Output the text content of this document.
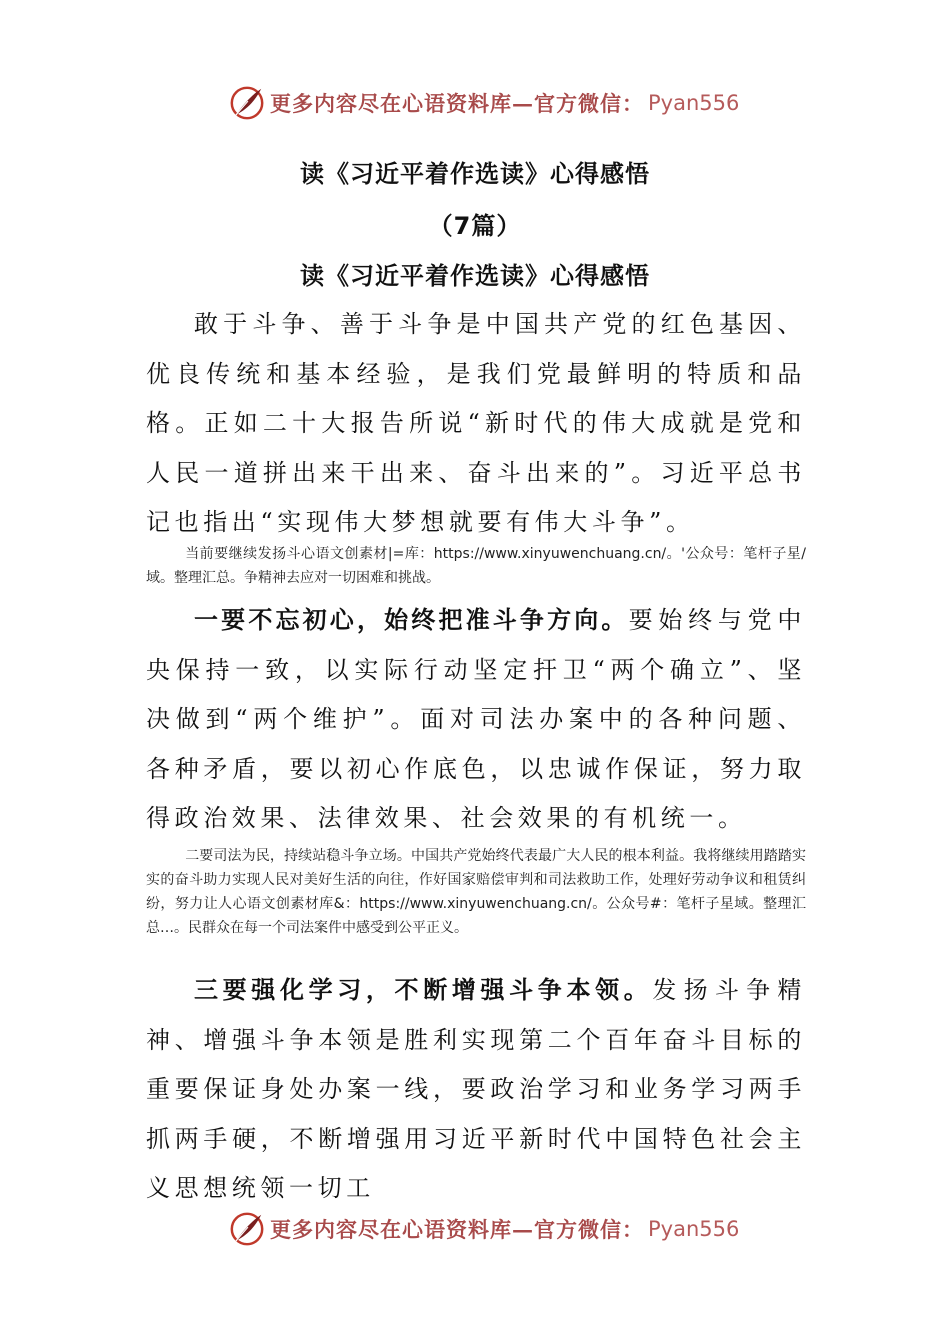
更多内容尽在心语资料库—官方微信： Pyan556
读《习近平着作选读》心得感悟
（7篇）
读《习近平着作选读》心得感悟

敢于斗争、善于斗争是中国共产党的红色基因、优良传统和基本经验，是我们党最鲜明的特质和品格。正如二十大报告所说“新时代的伟大成就是党和人民一道拼出来干出来、奋斗出来的”。习近平总书记也指出“实现伟大梦想就要有伟大斗争”。

当前要继续发扬斗心语文创素材|=库：https://www.xinyuwenchuang.cn/。'公众号：笔杆子星/域。整理汇总。争精神去应对一切困难和挑战。

一要不忘初心，始终把准斗争方向。要始终与党中央保持一致，以实际行动坚定扞卫“两个确立”、坚决做到“两个维护”。面对司法办案中的各种问题、各种矛盾，要以初心作底色，以忠诚作保证，努力取得政治效果、法律效果、社会效果的有机统一。

二要司法为民，持续站稳斗争立场。中国共产党始终代表最广大人民的根本利益。我将继续用踏踏实实的奋斗助力实现人民对美好生活的向往，作好国家赔偿审判和司法救助工作，处理好劳动争议和租赁纠纷，努力让人心语文创素材库&：https://www.xinyuwenchuang.cn/。公众号#：笔杆子星域。整理汇总…。民群众在每一个司法案件中感受到公平正义。

三要强化学习，不断增强斗争本领。发扬斗争精神、增强斗争本领是胜利实现第二个百年奋斗目标的重要保证身处办案一线，要政治学习和业务学习两手抓两手硬，不断增强用习近平新时代中国特色社会主义思想统领一切工

更多内容尽在心语资料库—官方微信： Pyan556
